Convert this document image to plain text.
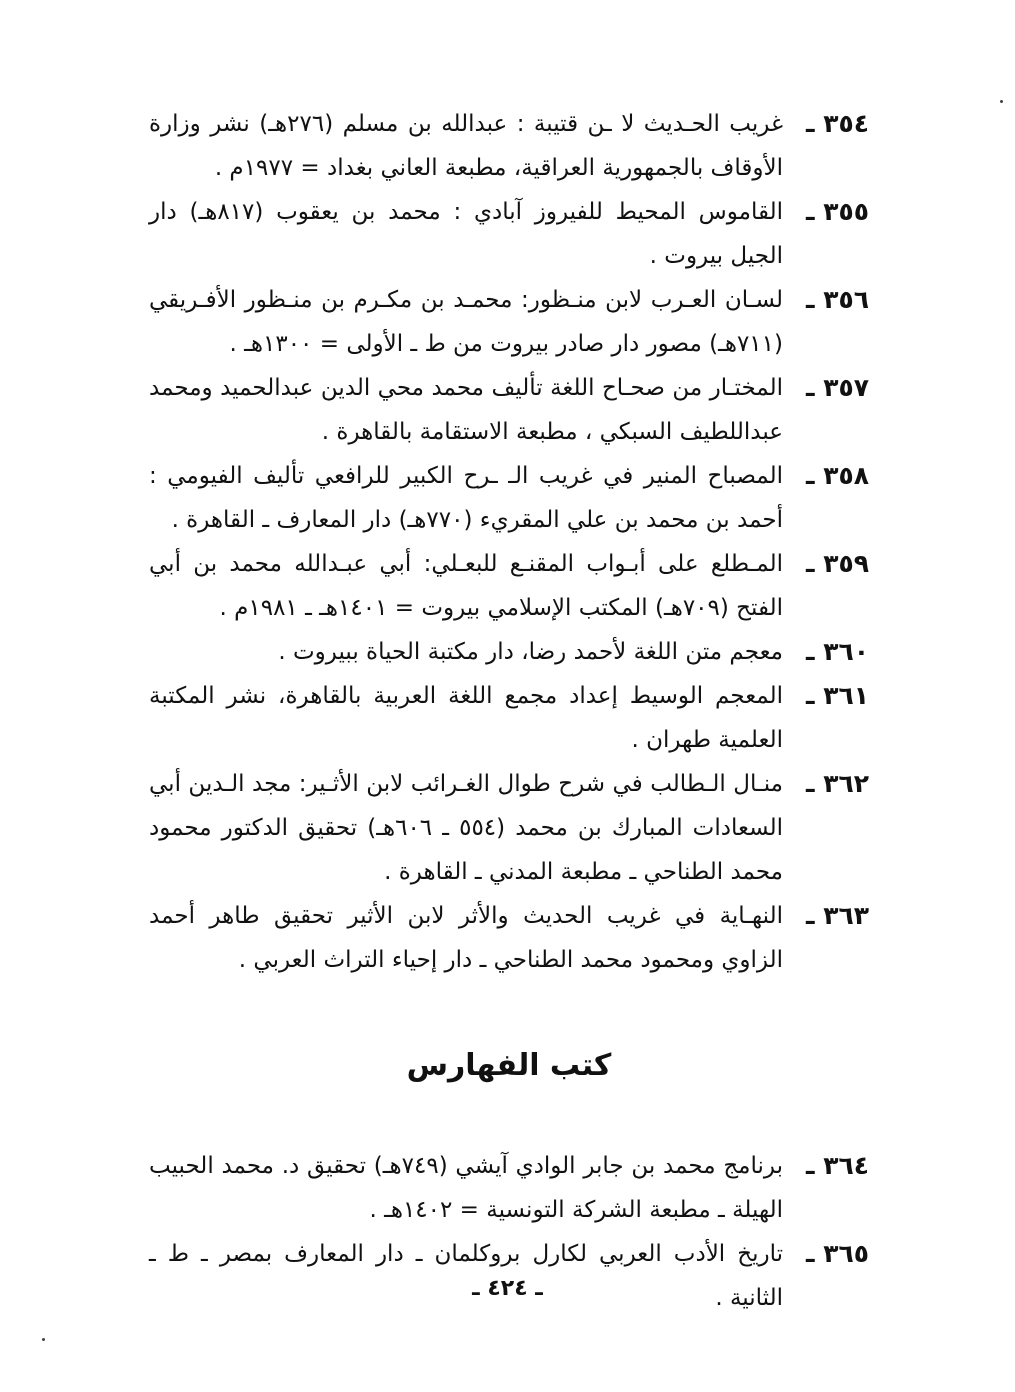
٣٥٤ ـ
غريب الحـديث لا ـن قتيبة : عبدالله بن مسلم (٢٧٦هـ) نشر وزارة الأوقاف بالجمهورية العراقية، مطبعة العاني بغداد = ١٩٧٧م .
٣٥٥ ـ
القاموس المحيط للفيروز آبادي : محمد بن يعقوب (٨١٧هـ) دار الجيل بيروت .
٣٥٦ ـ
لسـان العـرب لابن منـظور: محمـد بن مكـرم بن منـظور الأفـريقي (٧١١هـ) مصور دار صادر بيروت من ط ـ الأولى = ١٣٠٠هـ .
٣٥٧ ـ
المختـار من صحـاح اللغة تأليف محمد محي الدين عبدالحميد ومحمد عبداللطيف السبكي ، مطبعة الاستقامة بالقاهرة .
٣٥٨ ـ
المصباح المنير في غريب الـ ـرح الكبير للرافعي تأليف الفيومي : أحمد بن محمد بن علي المقريء (٧٧٠هـ) دار المعارف ـ القاهرة .
٣٥٩ ـ
المـطلع على أبـواب المقنـع للبعـلي: أبي عبـدالله محمد بن أبي الفتح (٧٠٩هـ) المكتب الإسلامي بيروت = ١٤٠١هـ ـ ١٩٨١م .
٣٦٠ ـ
معجم متن اللغة لأحمد رضا، دار مكتبة الحياة ببيروت .
٣٦١ ـ
المعجم الوسيط إعداد مجمع اللغة العربية بالقاهرة، نشر المكتبة العلمية طهران .
٣٦٢ ـ
منـال الـطالب في شرح طوال الغـرائب لابن الأثـير: مجد الـدين أبي السعادات المبارك بن محمد (٥٥٤ ـ ٦٠٦هـ) تحقيق الدكتور محمود محمد الطناحي ـ مطبعة المدني ـ القاهرة .
٣٦٣ ـ
النهـاية في غريب الحديث والأثر لابن الأثير تحقيق طاهر أحمد الزاوي ومحمود محمد الطناحي ـ دار إحياء التراث العربي .
كتب الفهارس
٣٦٤ ـ
برنامج محمد بن جابر الوادي آيشي (٧٤٩هـ) تحقيق د. محمد الحبيب الهيلة ـ مطبعة الشركة التونسية = ١٤٠٢هـ .
٣٦٥ ـ
تاريخ الأدب العربي لكارل بروكلمان ـ دار المعارف بمصر ـ ط ـ الثانية .
ـ ٤٢٤ ـ
